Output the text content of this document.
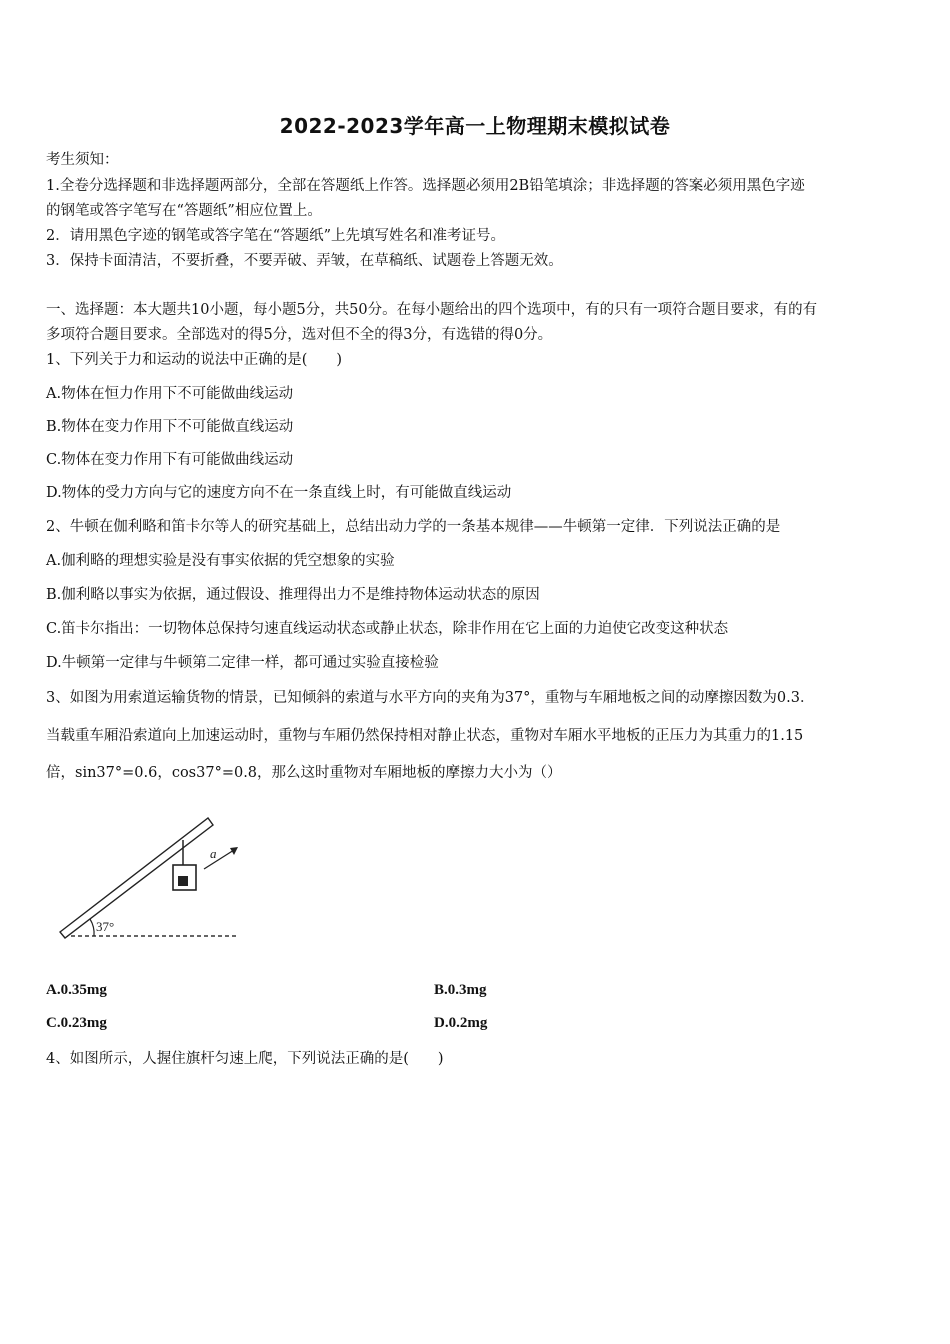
2022-2023学年高一上物理期末模拟试卷
考生须知：
1.全卷分选择题和非选择题两部分，全部在答题纸上作答。选择题必须用2B铅笔填涂；非选择题的答案必须用黑色字迹
的钢笔或答字笔写在“答题纸”相应位置上。
2．请用黑色字迹的钢笔或答字笔在“答题纸”上先填写姓名和准考证号。
3．保持卡面清洁，不要折叠，不要弄破、弄皱，在草稿纸、试题卷上答题无效。
一、选择题：本大题共10小题，每小题5分，共50分。在每小题给出的四个选项中，有的只有一项符合题目要求，有的有
多项符合题目要求。全部选对的得5分，选对但不全的得3分，有选错的得0分。
1、下列关于力和运动的说法中正确的是(　　)
A.物体在恒力作用下不可能做曲线运动
B.物体在变力作用下不可能做直线运动
C.物体在变力作用下有可能做曲线运动
D.物体的受力方向与它的速度方向不在一条直线上时，有可能做直线运动
2、牛顿在伽利略和笛卡尔等人的研究基础上，总结出动力学的一条基本规律——牛顿第一定律．下列说法正确的是
A.伽利略的理想实验是没有事实依据的凭空想象的实验
B.伽利略以事实为依据，通过假设、推理得出力不是维持物体运动状态的原因
C.笛卡尔指出：一切物体总保持匀速直线运动状态或静止状态，除非作用在它上面的力迫使它改变这种状态
D.牛顿第一定律与牛顿第二定律一样，都可通过实验直接检验
3、如图为用索道运输货物的情景，已知倾斜的索道与水平方向的夹角为37°，重物与车厢地板之间的动摩擦因数为0.3．
当载重车厢沿索道向上加速运动时，重物与车厢仍然保持相对静止状态，重物对车厢水平地板的正压力为其重力的1.15
倍，sin37°=0.6，cos37°=0.8，那么这时重物对车厢地板的摩擦力大小为（）
a
37°
A.0.35mg	B.0.3mg
C.0.23mg	D.0.2mg
4、如图所示，人握住旗杆匀速上爬，下列说法正确的是(　　)
